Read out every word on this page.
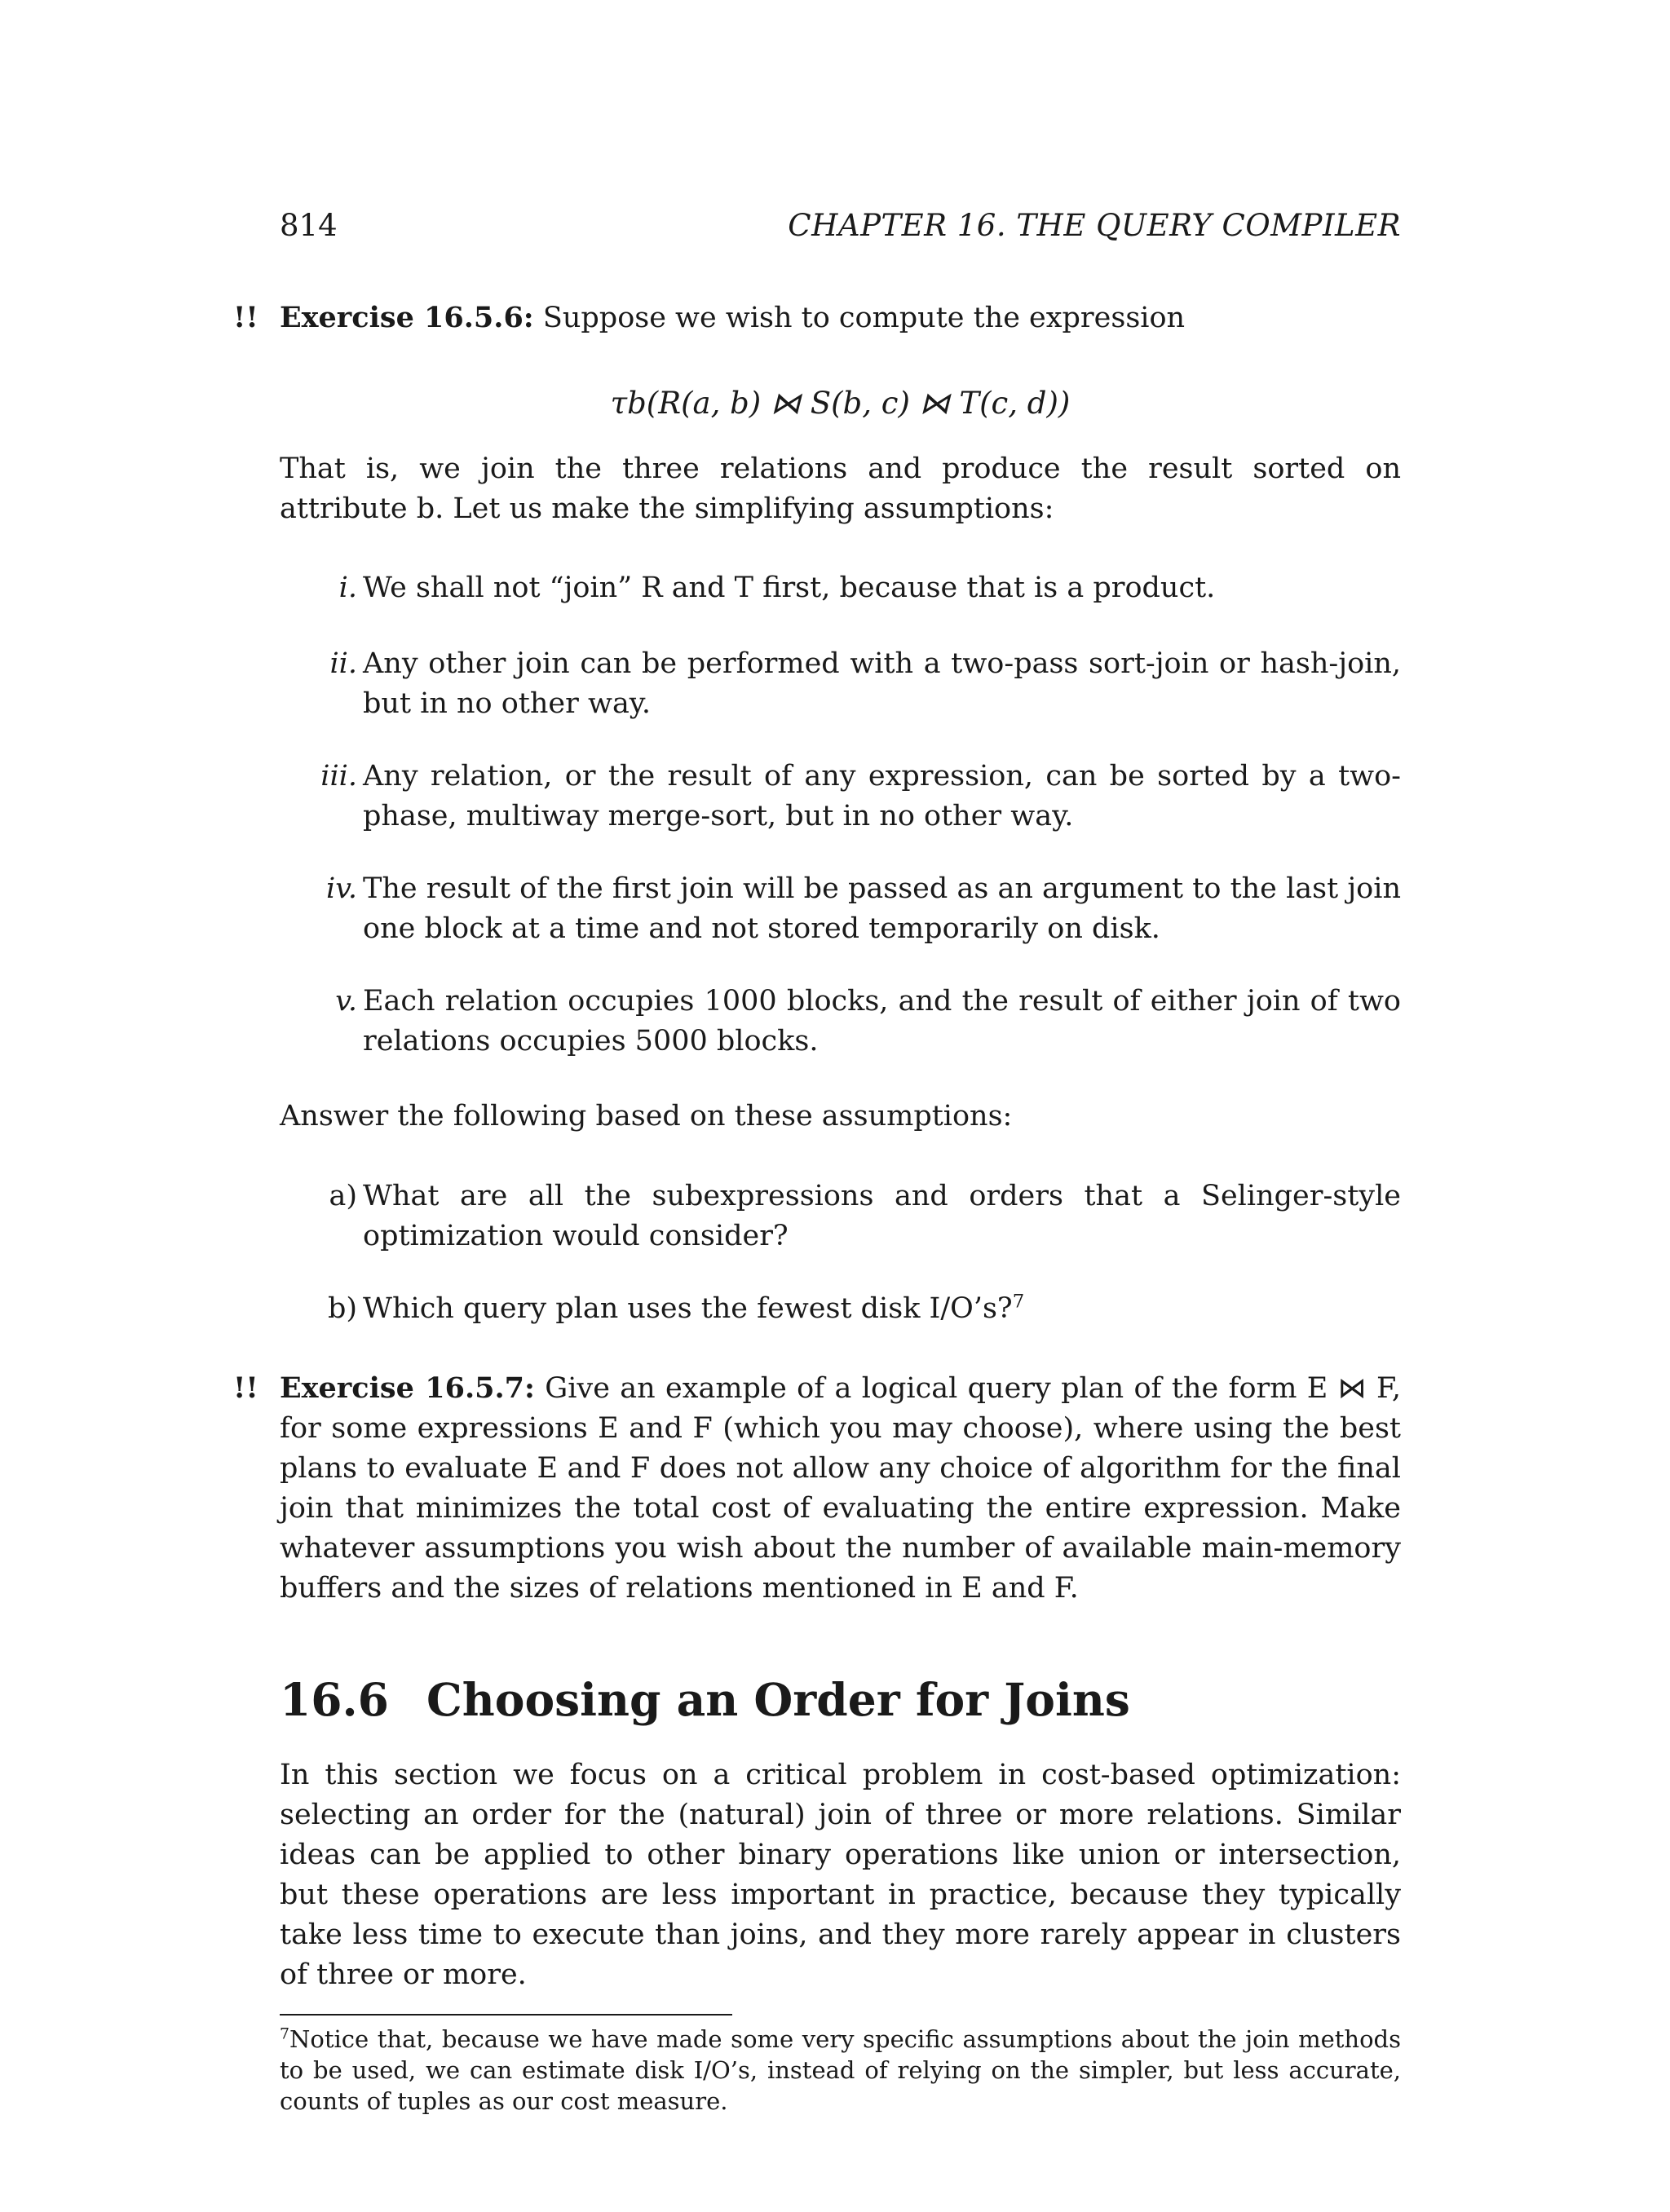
814	CHAPTER 16. THE QUERY COMPILER
!! Exercise 16.5.6: Suppose we wish to compute the expression
τb(R(a, b) ⋈ S(b, c) ⋈ T(c, d))
That is, we join the three relations and produce the result sorted on attribute b. Let us make the simplifying assumptions:
i. We shall not “join” R and T first, because that is a product.
ii. Any other join can be performed with a two-pass sort-join or hash-join, but in no other way.
iii. Any relation, or the result of any expression, can be sorted by a two-phase, multiway merge-sort, but in no other way.
iv. The result of the first join will be passed as an argument to the last join one block at a time and not stored temporarily on disk.
v. Each relation occupies 1000 blocks, and the result of either join of two relations occupies 5000 blocks.
Answer the following based on these assumptions:
a) What are all the subexpressions and orders that a Selinger-style optimization would consider?
b) Which query plan uses the fewest disk I/O’s?$^7$
!! Exercise 16.5.7: Give an example of a logical query plan of the form E ⋈ F, for some expressions E and F (which you may choose), where using the best plans to evaluate E and F does not allow any choice of algorithm for the final join that minimizes the total cost of evaluating the entire expression. Make whatever assumptions you wish about the number of available main-memory buffers and the sizes of relations mentioned in E and F.
16.6 Choosing an Order for Joins
In this section we focus on a critical problem in cost-based optimization: selecting an order for the (natural) join of three or more relations. Similar ideas can be applied to other binary operations like union or intersection, but these operations are less important in practice, because they typically take less time to execute than joins, and they more rarely appear in clusters of three or more.
$^7$Notice that, because we have made some very specific assumptions about the join methods to be used, we can estimate disk I/O’s, instead of relying on the simpler, but less accurate, counts of tuples as our cost measure.
